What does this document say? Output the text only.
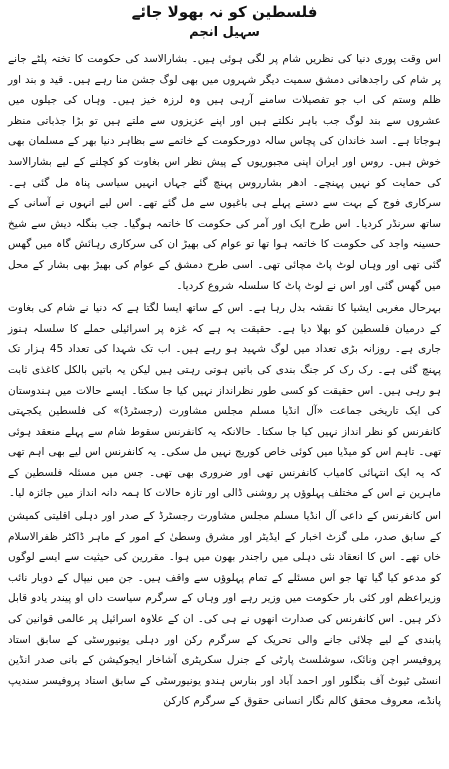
فلسطین کو نہ بھولا جائے
سہیل انجم

اس وقت پوری دنیا کی نظریں شام پر لگی ہوئی ہیں۔ بشارالاسد کی حکومت کا تختہ پلٹے جانے پر شام کی راجدھانی دمشق سمیت دیگر شہروں میں بھی لوگ جشن منا رہے ہیں۔ قید و بند اور ظلم وستم کی اب جو تفصیلات سامنے آرہی ہیں وہ لرزہ خیز ہیں۔ وہاں کی جیلوں میں عشروں سے بند لوگ جب باہر نکلتے ہیں اور اپنے عزیزوں سے ملتے ہیں تو بڑا جذباتی منظر ہوجاتا ہے۔ اسد خاندان کی پچاس سالہ دورحکومت کے خاتمے سے بظاہر دنیا بھر کے مسلمان بھی خوش ہیں۔ روس اور ایران اپنی مجبوریوں کے پیش نظر اس بغاوت کو کچلنے کے لیے بشارالاسد کی حمایت کو نہیں پہنچے۔ ادھر بشارروس پہنچ گئے جہاں انہیں سیاسی پناہ مل گئی ہے۔ سرکاری فوج کے بہت سے دستے پہلے ہی باغیوں سے مل گئے تھے۔ اس لیے انہوں نے آسانی کے ساتھ سرنڈر کردیا۔ اس طرح ایک اور آمر کی حکومت کا خاتمہ ہوگیا۔ جب بنگلہ دیش سے شیخ حسینہ واجد کی حکومت کا خاتمہ ہوا تھا تو عوام کی بھیڑ ان کی سرکاری رہائش گاہ میں گھس گئی تھی اور وہاں لوٹ پاٹ مچائی تھی۔ اسی طرح دمشق کے عوام کی بھیڑ بھی بشار کے محل میں گھس گئی اور اس نے لوٹ پاٹ کا سلسلہ شروع کردیا۔

بہرحال مغربی ایشیا کا نقشہ بدل رہا ہے۔ اس کے ساتھ ایسا لگتا ہے کہ دنیا نے شام کی بغاوت کے درمیان فلسطین کو بھلا دیا ہے۔ حقیقت یہ ہے کہ غزہ پر اسرائیلی حملے کا سلسلہ ہنوز جاری ہے۔ روزانہ بڑی تعداد میں لوگ شہید ہو رہے ہیں۔ اب تک شہدا کی تعداد 45 ہزار تک پہنچ گئی ہے۔ رک رک کر جنگ بندی کی باتیں ہوتی رہتی ہیں لیکن یہ باتیں بالکل کاغذی ثابت ہو رہی ہیں۔ اس حقیقت کو کسی طور نظرانداز نہیں کیا جا سکتا۔ ایسے حالات میں ہندوستان کی ایک تاریخی جماعت «آل انڈیا مسلم مجلس مشاورت (رجسٹرڈ)» کی فلسطین یکجہتی کانفرنس کو نظر انداز نہیں کیا جا سکتا۔ حالانکہ یہ کانفرنس سقوط شام سے پہلے منعقد ہوئی تھی۔ تاہم اس کو میڈیا میں کوئی خاص کوریج نہیں مل سکی۔ یہ کانفرنس اس لیے بھی اہم تھی کہ یہ ایک انتہائی کامیاب کانفرنس تھی اور ضروری بھی تھی۔ جس میں مسئلہ فلسطین کے ماہرین نے اس کے مختلف پہلوؤں پر روشنی ڈالی اور تازہ حالات کا ہمہ دانہ انداز میں جائزہ لیا۔

اس کانفرنس کے داعی آل انڈیا مسلم مجلس مشاورت رجسٹرڈ کے صدر اور دہلی اقلیتی کمیشن کے سابق صدر، ملی گزٹ اخبار کے ایڈیٹر اور مشرق وسطیٰ کے امور کے ماہر ڈاکٹر ظفرالاسلام خاں تھے۔ اس کا انعقاد نئی دہلی میں راجندر بھون میں ہوا۔ مقررین کی حیثیت سے ایسے لوگوں کو مدعو کیا گیا تھا جو اس مسئلے کے تمام پہلوؤں سے واقف ہیں۔ جن میں نیپال کے دوبار نائب وزیراعظم اور کئی بار حکومت میں وزیر رہے اور وہاں کے سرگرم سیاست داں او پیندر یادو قابل ذکر ہیں۔ اس کانفرنس کی صدارت انھوں نے ہی کی۔ ان کے علاوہ اسرائیل پر عالمی قوانین کی پابندی کے لیے چلائی جانے والی تحریک کے سرگرم رکن اور دہلی یونیورسٹی کے سابق استاد پروفیسر اچن ونائک، سوشلسٹ پارٹی کے جنرل سکریٹری آشاخار ایجوکیشن کے بانی صدر انڈین انسٹی ٹیوٹ آف بنگلور اور احمد آباد اور بنارس ہندو یونیورسٹی کے سابق استاد پروفیسر سندیپ پانڈے، معروف محقق کالم نگار انسانی حقوق کے سرگرم کارکن
